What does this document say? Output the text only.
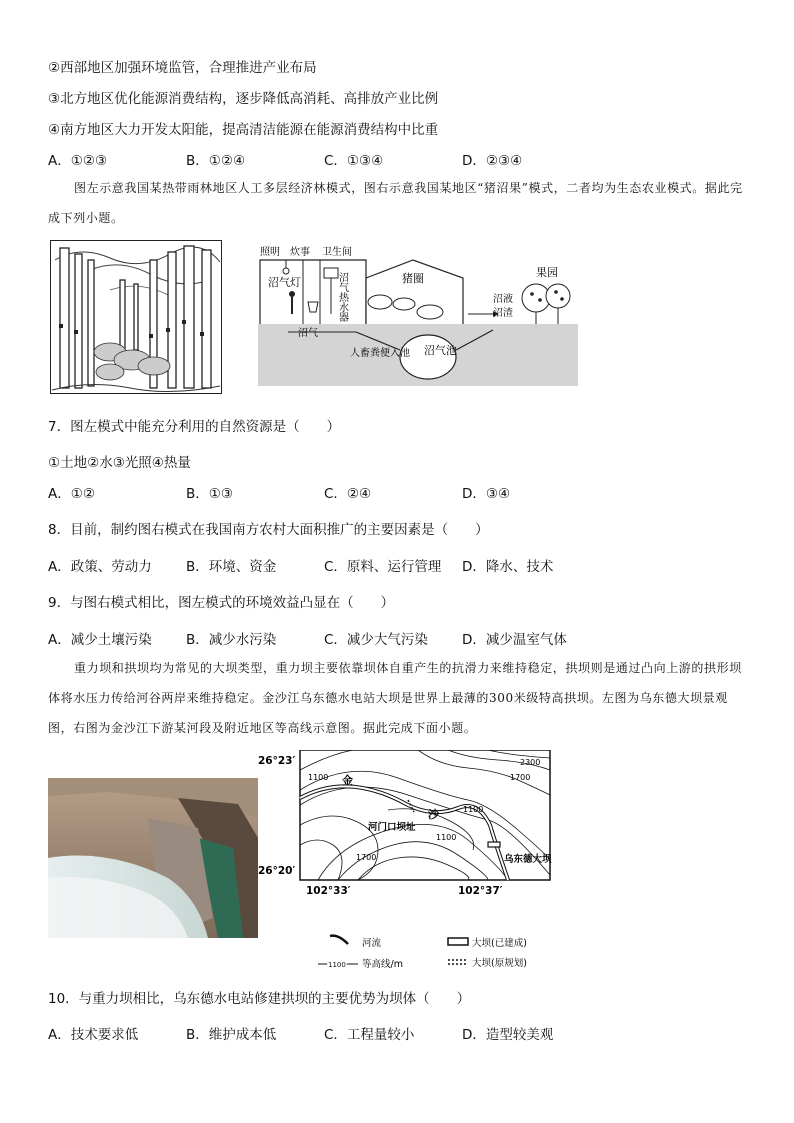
②西部地区加强环境监管，合理推进产业布局
③北方地区优化能源消费结构，逐步降低高消耗、高排放产业比例
④南方地区大力开发太阳能，提高清洁能源在能源消费结构中比重
A．①②③	B．①②④	C．①③④	D．②③④
图左示意我国某热带雨林地区人工多层经济林模式，图右示意我国某地区“猪沼果”模式，二者均为生态农业模式。据此完成下列小题。
照明 炊事 卫生间
沼气灯	沼气热水器	猪圈	果园
沼液
沼渣
沼气
人畜粪便入池 沼气池
7．图左模式中能充分利用的自然资源是（　　）
①土地②水③光照④热量
A．①②	B．①③	C．②④	D．③④
8．目前，制约图右模式在我国南方农村大面积推广的主要因素是（　　）
A．政策、劳动力	B．环境、资金	C．原料、运行管理 D．降水、技术
9．与图右模式相比，图左模式的环境效益凸显在（　　）
A．减少土壤污染	B．减少水污染	C．减少大气污染	D．减少温室气体
重力坝和拱坝均为常见的大坝类型，重力坝主要依靠坝体自重产生的抗滑力来维持稳定，拱坝则是通过凸向上游的拱形坝体将水压力传给河谷两岸来维持稳定。金沙江乌东德水电站大坝是世界上最薄的300米级特高拱坝。左图为乌东德大坝景观图，右图为金沙江下游某河段及附近地区等高线示意图。据此完成下面小题。
26°23′
26°20′
102°33′	102°37′
1100
1100
1100
1700
1700
2300
金
沙
河门口坝址
乌东德大坝
河流
1100 等高线/m
大坝(已建成)
大坝(原规划)
10．与重力坝相比，乌东德水电站修建拱坝的主要优势为坝体（　　）
A．技术要求低	B．维护成本低	C．工程量较小	D．造型较美观
